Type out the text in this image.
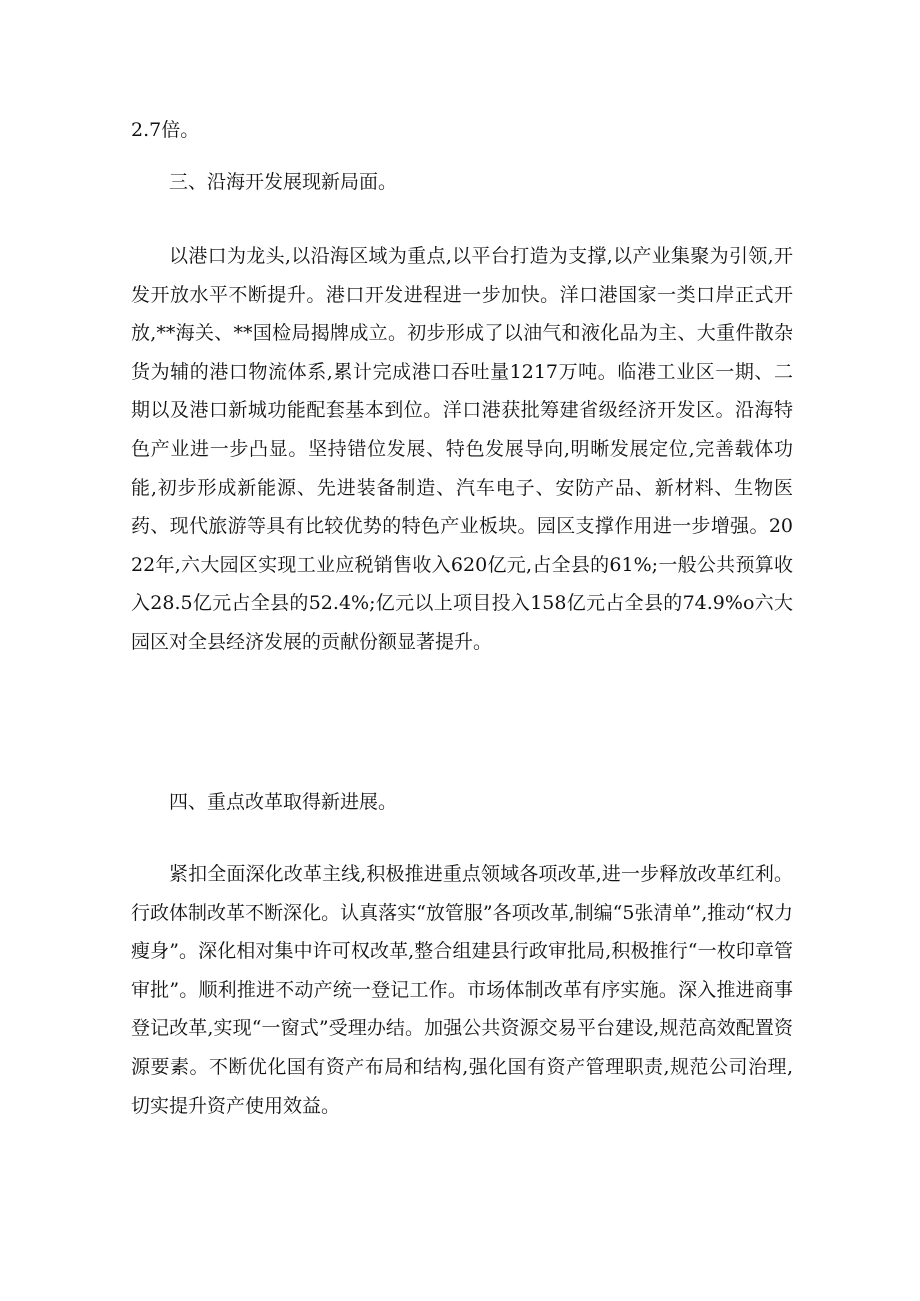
2.7倍。

三、沿海开发展现新局面。

以港口为龙头,以沿海区域为重点,以平台打造为支撑,以产业集聚为引领,开发开放水平不断提升。港口开发进程进一步加快。洋口港国家一类口岸正式开放,**海关、**国检局揭牌成立。初步形成了以油气和液化品为主、大重件散杂货为辅的港口物流体系,累计完成港口吞吐量1217万吨。临港工业区一期、二期以及港口新城功能配套基本到位。洋口港获批筹建省级经济开发区。沿海特色产业进一步凸显。坚持错位发展、特色发展导向,明晰发展定位,完善载体功能,初步形成新能源、先进装备制造、汽车电子、安防产品、新材料、生物医药、现代旅游等具有比较优势的特色产业板块。园区支撑作用进一步增强。2022年,六大园区实现工业应税销售收入620亿元,占全县的61%;一般公共预算收入28.5亿元占全县的52.4%;亿元以上项目投入158亿元占全县的74.9%o六大园区对全县经济发展的贡献份额显著提升。

四、重点改革取得新进展。

紧扣全面深化改革主线,积极推进重点领域各项改革,进一步释放改革红利。行政体制改革不断深化。认真落实“放管服”各项改革,制编“5张清单”,推动“权力瘦身”。深化相对集中许可权改革,整合组建县行政审批局,积极推行“一枚印章管审批”。顺利推进不动产统一登记工作。市场体制改革有序实施。深入推进商事登记改革,实现“一窗式”受理办结。加强公共资源交易平台建设,规范高效配置资源要素。不断优化国有资产布局和结构,强化国有资产管理职责,规范公司治理,切实提升资产使用效益。
